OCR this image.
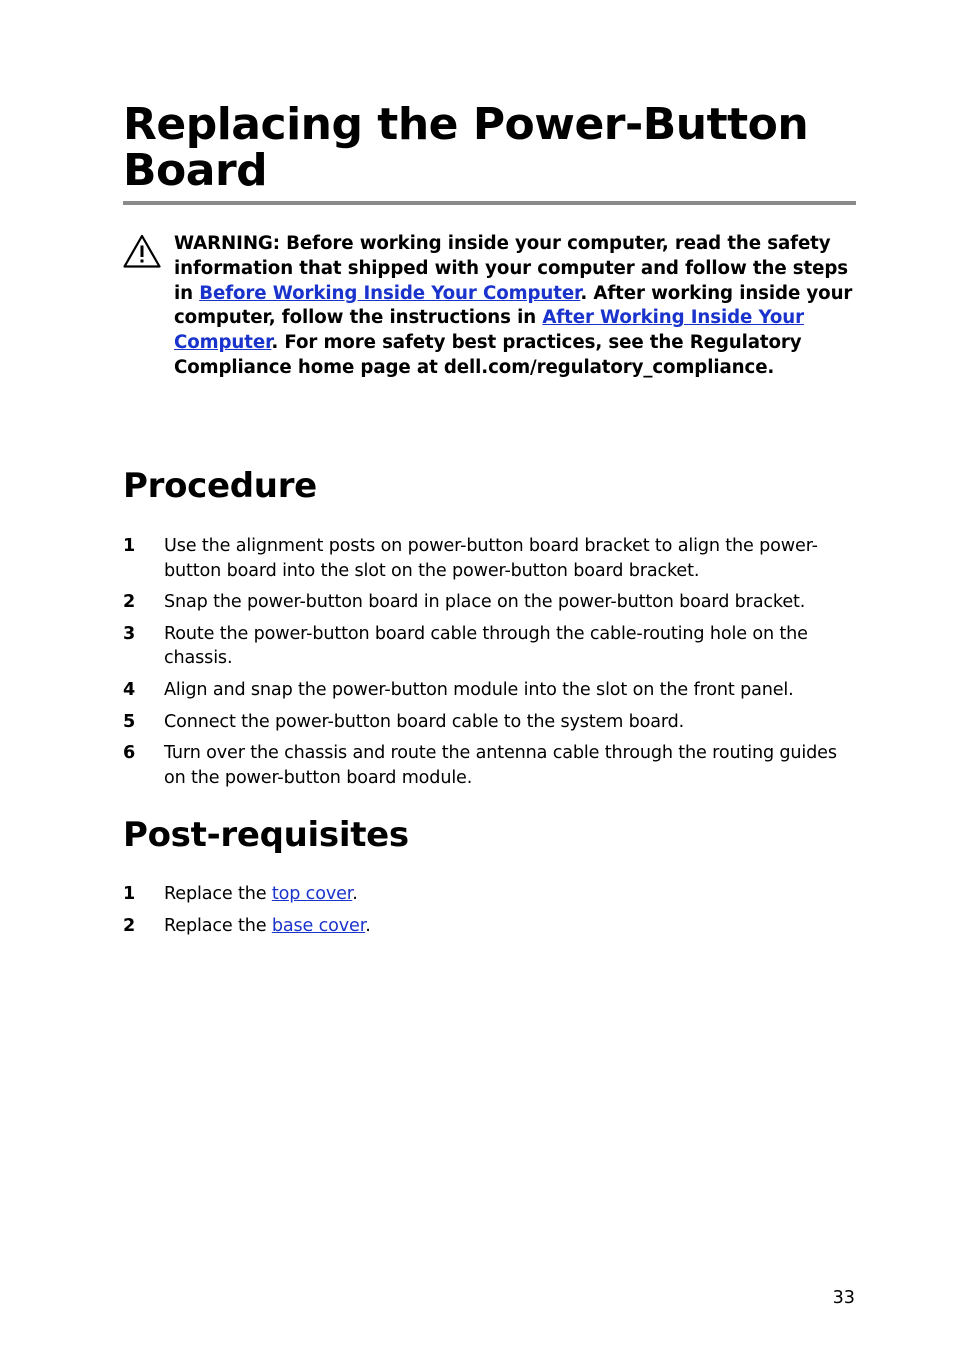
Replacing the Power-Button Board
WARNING: Before working inside your computer, read the safety information that shipped with your computer and follow the steps in Before Working Inside Your Computer. After working inside your computer, follow the instructions in After Working Inside Your Computer. For more safety best practices, see the Regulatory Compliance home page at dell.com/regulatory_compliance.
Procedure
1 Use the alignment posts on power-button board bracket to align the power-button board into the slot on the power-button board bracket.
2 Snap the power-button board in place on the power-button board bracket.
3 Route the power-button board cable through the cable-routing hole on the chassis.
4 Align and snap the power-button module into the slot on the front panel.
5 Connect the power-button board cable to the system board.
6 Turn over the chassis and route the antenna cable through the routing guides on the power-button board module.
Post-requisites
1 Replace the top cover.
2 Replace the base cover.
33
